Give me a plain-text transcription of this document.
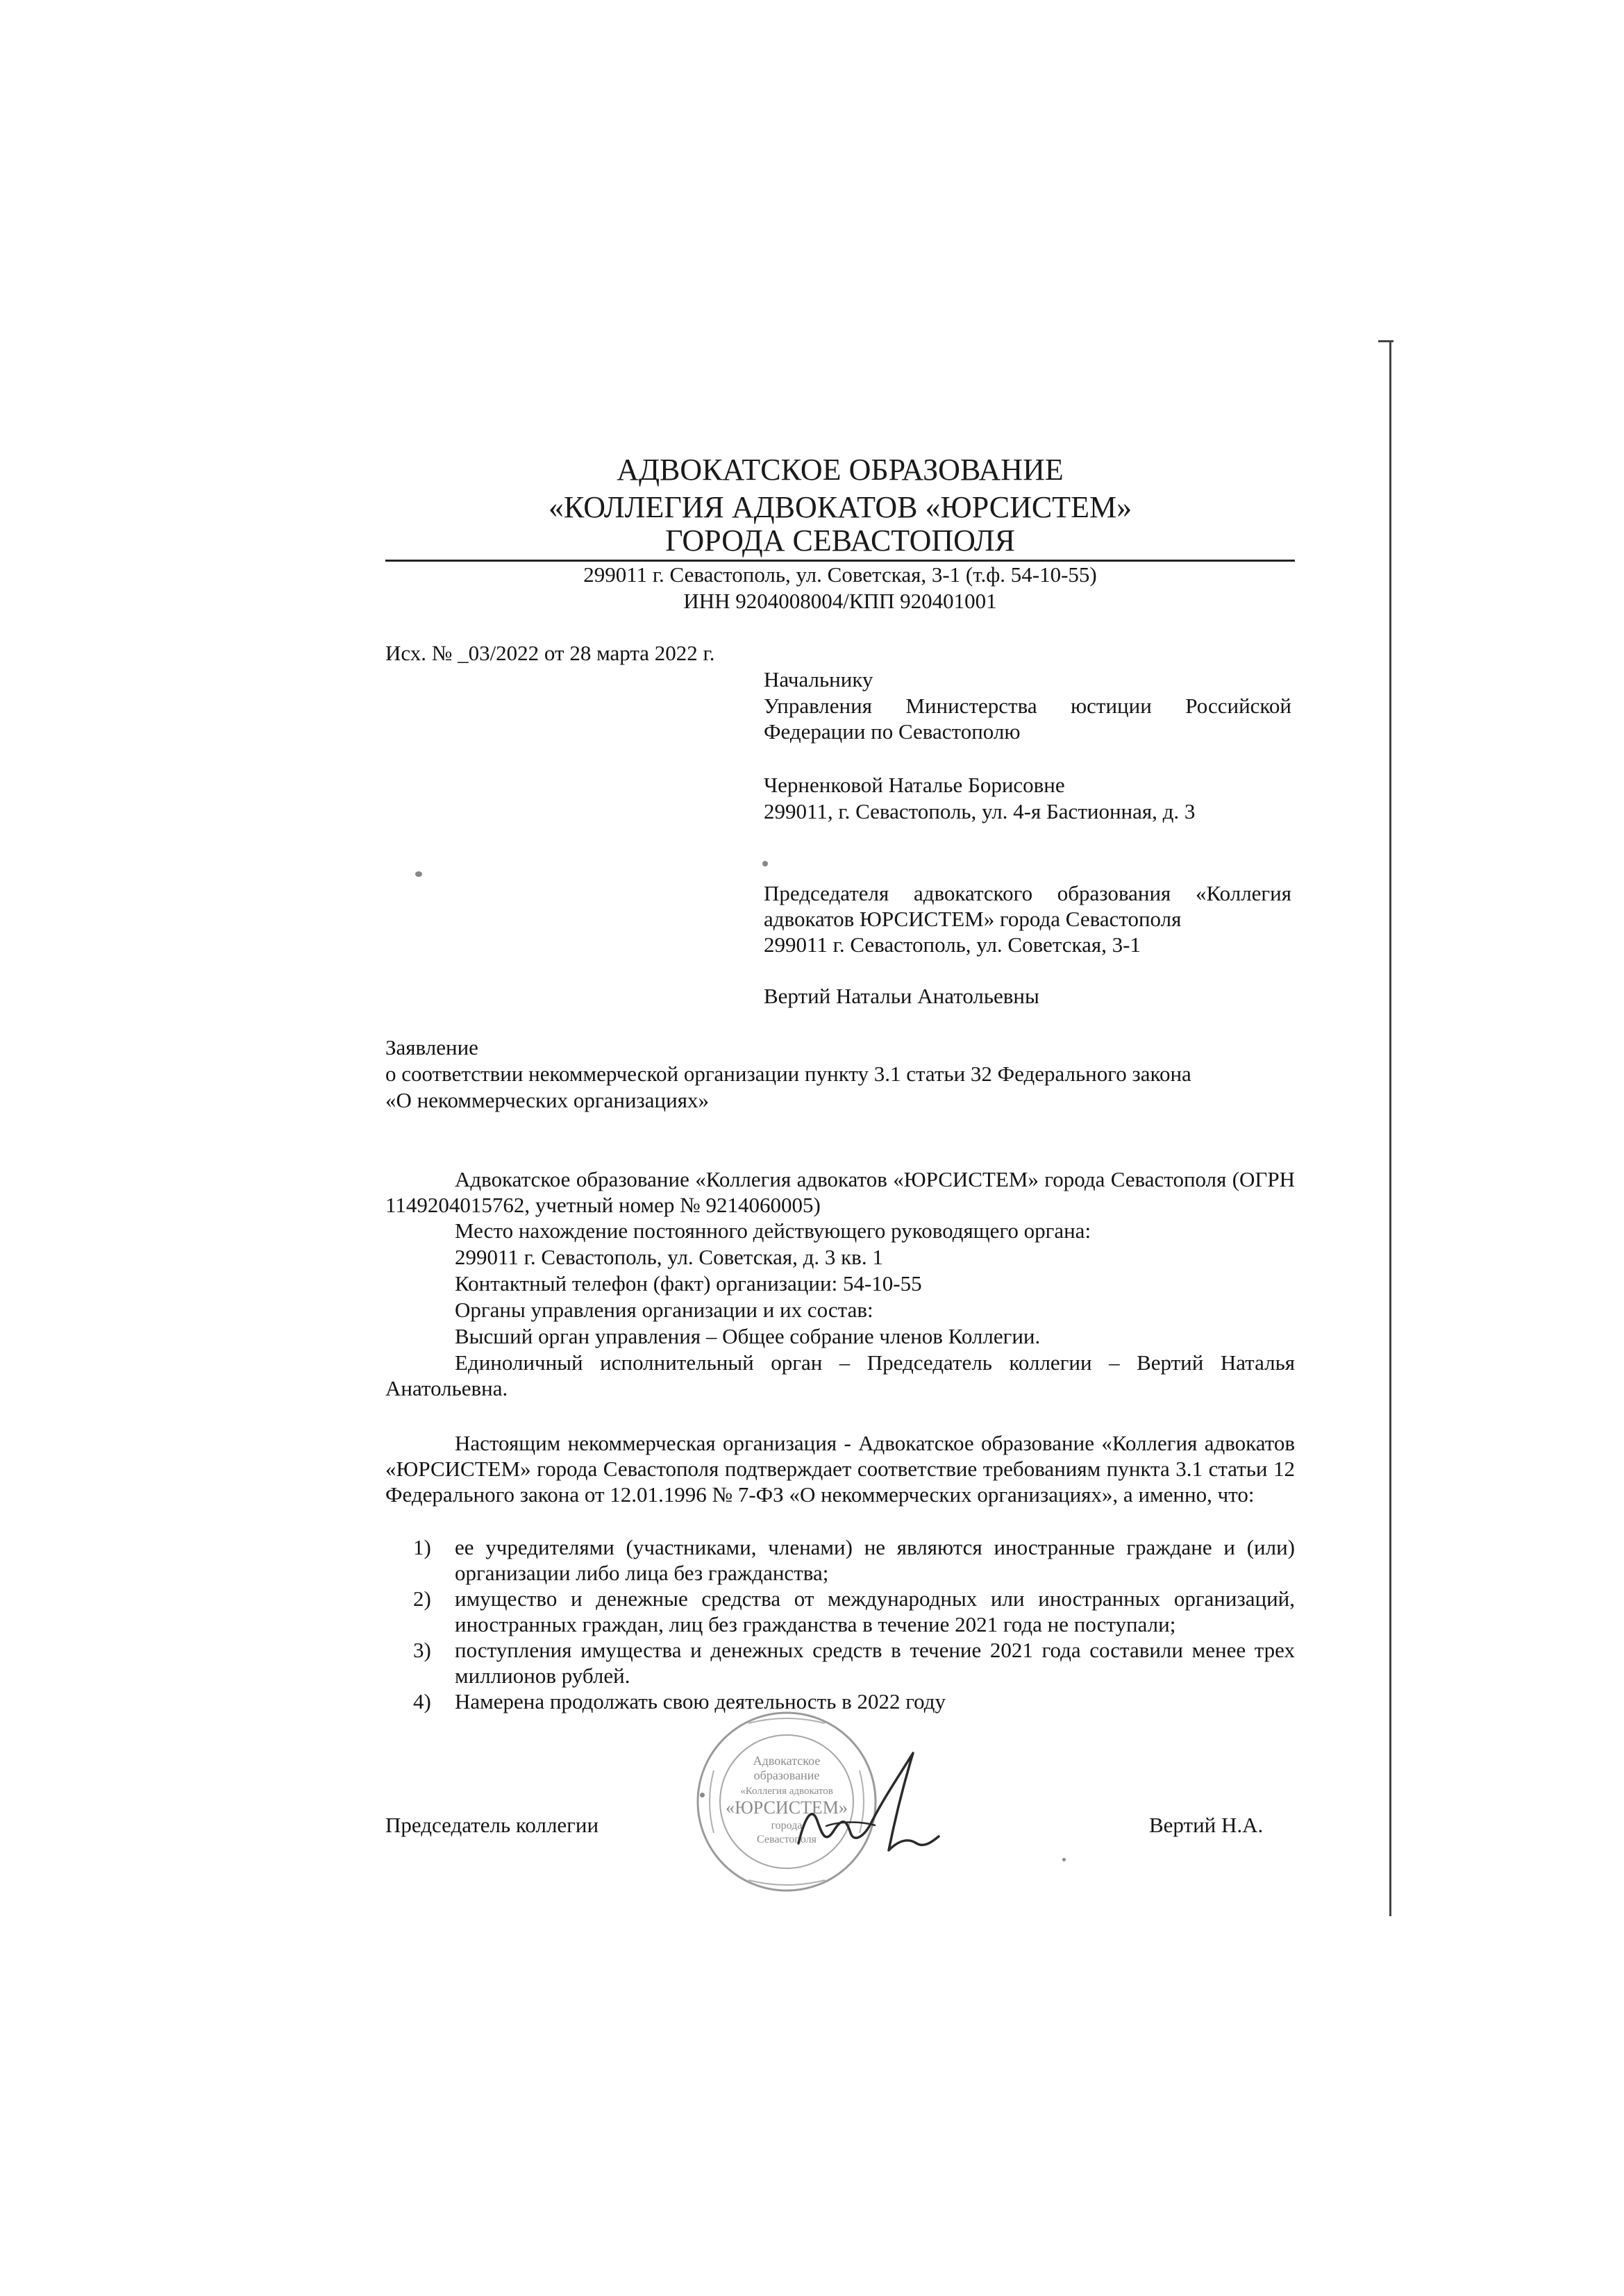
АДВОКАТСКОЕ ОБРАЗОВАНИЕ
«КОЛЛЕГИЯ АДВОКАТОВ «ЮРСИСТЕМ»
ГОРОДА СЕВАСТОПОЛЯ
299011 г. Севастополь, ул. Советская, 3-1 (т.ф. 54-10-55)
ИНН 9204008004/КПП 920401001
Исх. № _03/2022 от 28 марта 2022 г.
Начальнику
Управления Министерства юстиции Российской Федерации по Севастополю
Черненковой Наталье Борисовне
299011, г. Севастополь, ул. 4-я Бастионная, д. 3
Председателя адвокатского образования «Коллегия адвокатов ЮРСИСТЕМ» города Севастополя
299011 г. Севастополь, ул. Советская, 3-1
Вертий Натальи Анатольевны
Заявление
о соответствии некоммерческой организации пункту 3.1 статьи 32 Федерального закона
«О некоммерческих организациях»
Адвокатское образование «Коллегия адвокатов «ЮРСИСТЕМ» города Севастополя (ОГРН 1149204015762, учетный номер № 9214060005)
Место нахождение постоянного действующего руководящего органа:
299011 г. Севастополь, ул. Советская, д. 3 кв. 1
Контактный телефон (факт) организации: 54-10-55
Органы управления организации и их состав:
Высший орган управления – Общее собрание членов Коллегии.
Единоличный исполнительный орган – Председатель коллегии – Вертий Наталья Анатольевна.
Настоящим некоммерческая организация - Адвокатское образование «Коллегия адвокатов «ЮРСИСТЕМ» города Севастополя подтверждает соответствие требованиям пункта 3.1 статьи 12 Федерального закона от 12.01.1996 № 7-ФЗ «О некоммерческих организациях», а именно, что:
1) ее учредителями (участниками, членами) не являются иностранные граждане и (или) организации либо лица без гражданства;
2) имущество и денежные средства от международных или иностранных организаций, иностранных граждан, лиц без гражданства в течение 2021 года не поступали;
3) поступления имущества и денежных средств в течение 2021 года составили менее трех миллионов рублей.
4) Намерена продолжать свою деятельность в 2022 году
Адвокатское
образование
«Коллегия адвокатов
«ЮРСИСТЕМ»
города
Севастополя
Председатель коллегии	Вертий Н.А.
